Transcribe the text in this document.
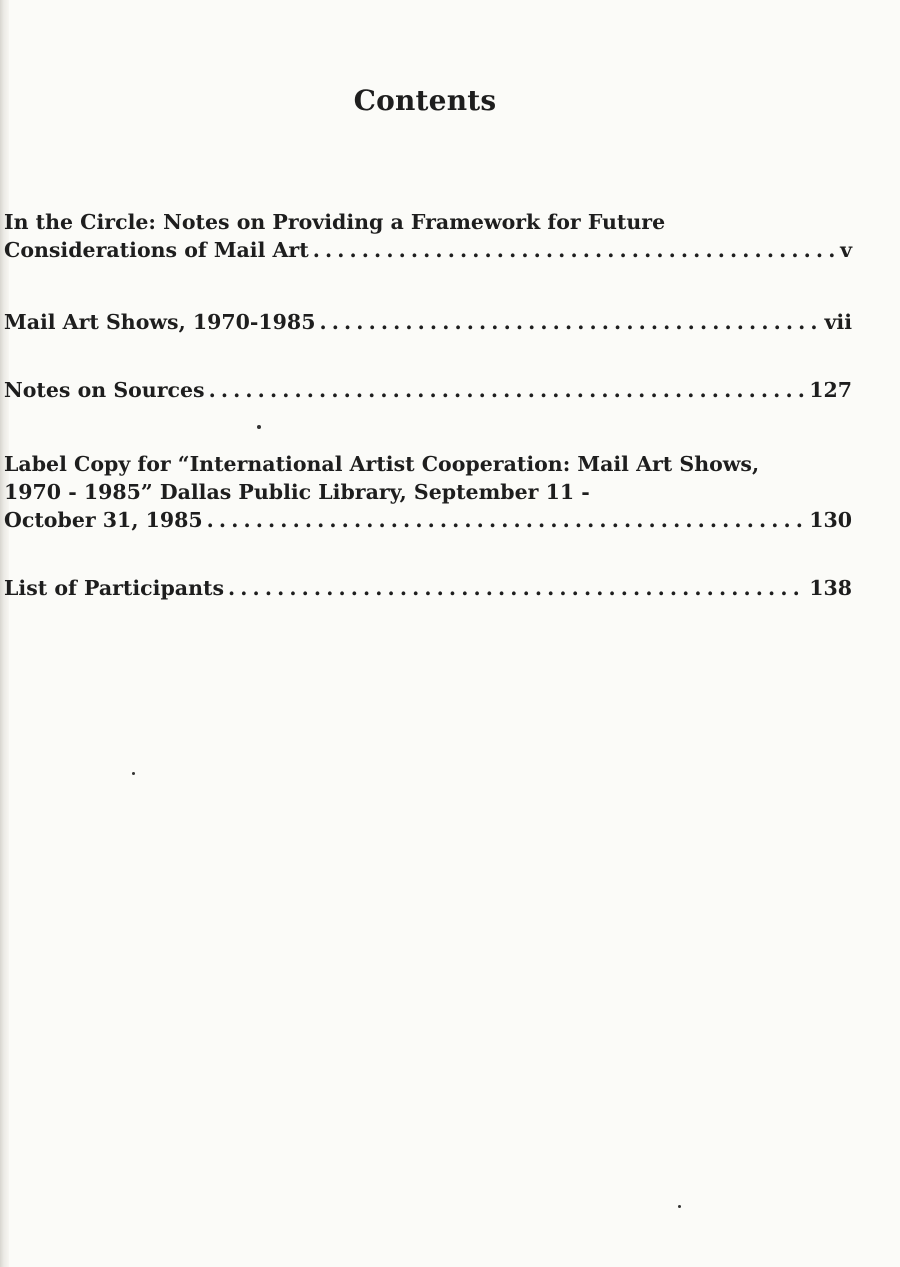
Contents
In the Circle: Notes on Providing a Framework for Future
Considerations of Mail Art . . .	v
Mail Art Shows, 1970-1985 . . .	vii
Notes on Sources . . .	127
Label Copy for “International Artist Cooperation: Mail Art Shows,
1970 - 1985” Dallas Public Library, September 11 -
October 31, 1985 . . .	130
List of Participants . . .	138
